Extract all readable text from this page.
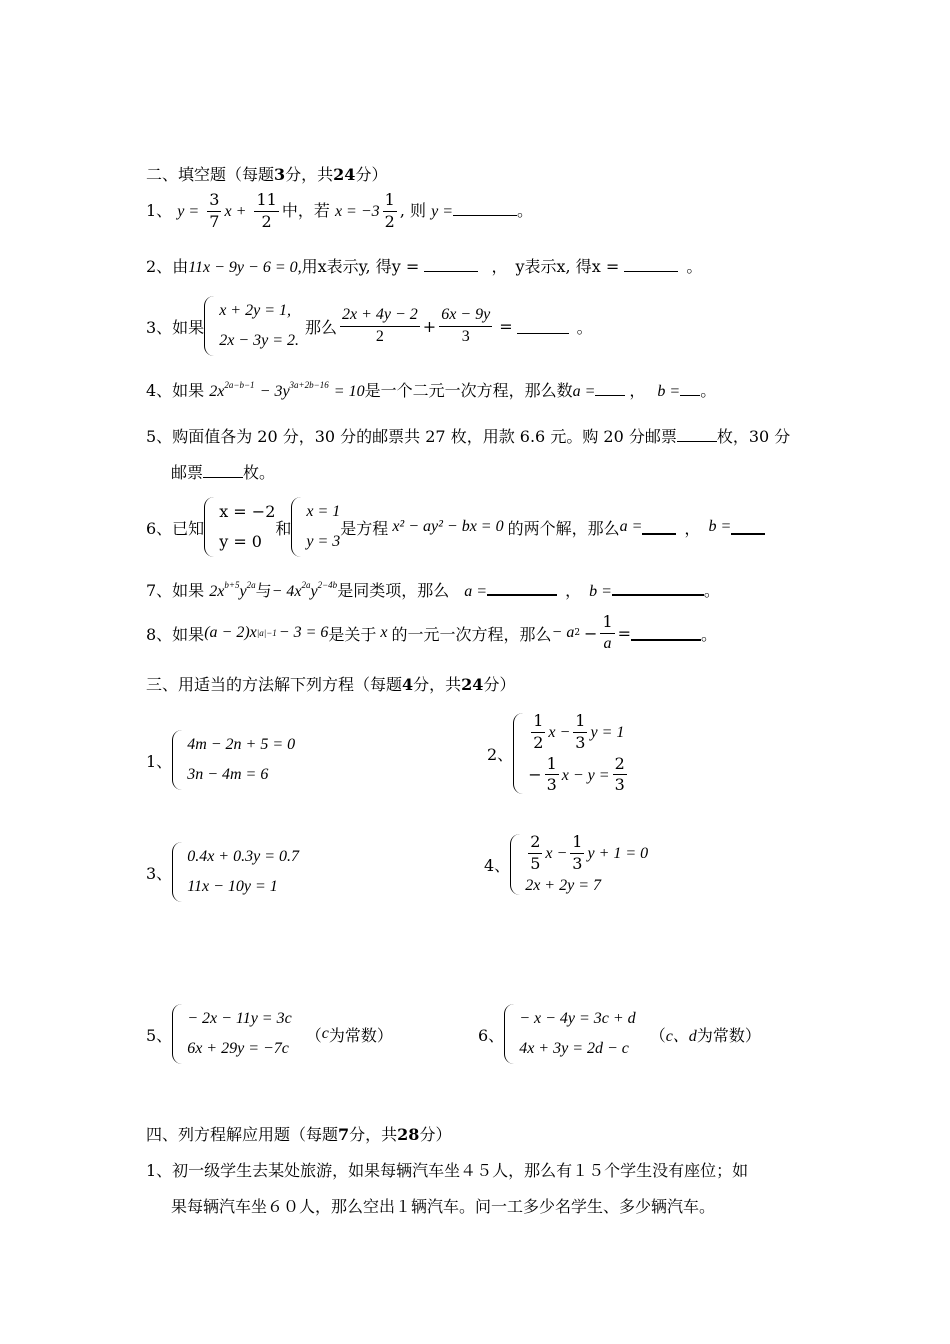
二、填空题（每题3分，共24分）
1、 $y = \frac{3}{7}$ $x + \frac{11}{2}$ 中，若 $x = -3 \frac{1}{2}$ , 则 y =	。
2、由11x − 9y − 6 = 0,用x表示y, 得y =	， y表示x, 得x =	。
3、如果
x + 2y = 1,
2x − 3y = 2.
那么 $\frac{2x + 4y - 2}{2} + \frac{6x - 9y}{3}$ =	。
4、如果 $2x^{2a-b-1} - 3y^{3a+2b-16} = 10$是一个二元一次方程，那么数a = ， b = 。
5、购面值各为 20 分，30 分的邮票共 27 枚，用款 6.6 元。购 20 分邮票	枚，30 分
邮票	枚。
6、已知
x = −2
y = 0
和
x = 1
y = 3
是方程 x² − ay² − bx = 0 的两个解，那么 a =	， b =
7、如果 $2x^{b+5}y^{2a}$与− $4x^{2a}y^{2-4b}$是同类项，那么 a =	， b =	。
8、如果 (a − 2)x |a|−1 − 3 = 6 是关于 x 的一元一次方程，那么 − a $2 - \frac{1}{a}$ =	。
三、用适当的方法解下列方程（每题4分，共24分）
1、
4m − 2n + 5 = 0
3n − 4m = 6
2、
$\frac{1}{2}$ $x - \frac{1}{3}$ y = 1
− $\frac{1}{3}$ $x - y = \frac{2}{3}$
3、
0.4x + 0.3y = 0.7
11x − 10y = 1
4、 $\frac{2}{5}$ $x - \frac{1}{3}$ y + 1 = 0
2x + 2y = 7
5、
− 2x − 11y = 3c
6x + 29y = −7c
（ c 为常数）	6、
− x − 4y = 3c + d
4x + 3y = 2d − c
（ c、d 为常数）
四、列方程解应用题（每题7分，共28分）
1、初一级学生去某处旅游，如果每辆汽车坐４５人，那么有１５个学生没有座位；如
果每辆汽车坐６０人，那么空出１辆汽车。问一工多少名学生、多少辆汽车。
